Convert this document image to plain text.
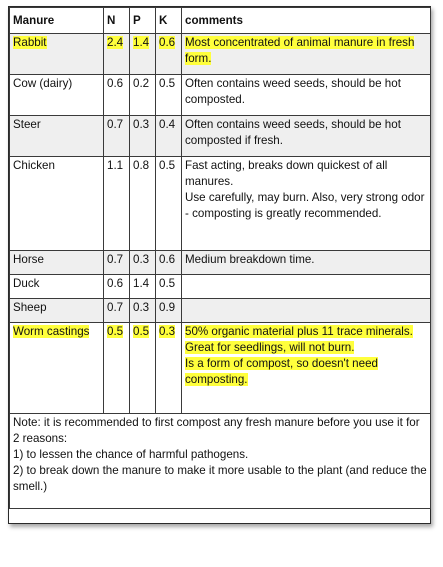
Manure	N	P	K	comments
Rabbit	2.4	1.4	0.6	Most concentrated of animal manure in fresh form.
Cow (dairy)	0.6	0.2	0.5	Often contains weed seeds, should be hot composted.
Steer	0.7	0.3	0.4	Often contains weed seeds, should be hot composted if fresh.
Chicken	1.1	0.8	0.5	Fast acting, breaks down quickest of all manures.
Use carefully, may burn. Also, very strong odor - composting is greatly recommended.

Horse	0.7	0.3	0.6	Medium breakdown time.
Duck	0.6	1.4	0.5	
Sheep	0.7	0.3	0.9	
Worm castings	0.5	0.5	0.3	50% organic material plus 11 trace minerals. Great for seedlings, will not burn.
Is a form of compost, so doesn't need composting.

Note: it is recommended to first compost any fresh manure before you use it for 2 reasons:
1) to lessen the chance of harmful pathogens.
2) to break down the manure to make it more usable to the plant (and reduce the smell.)				
